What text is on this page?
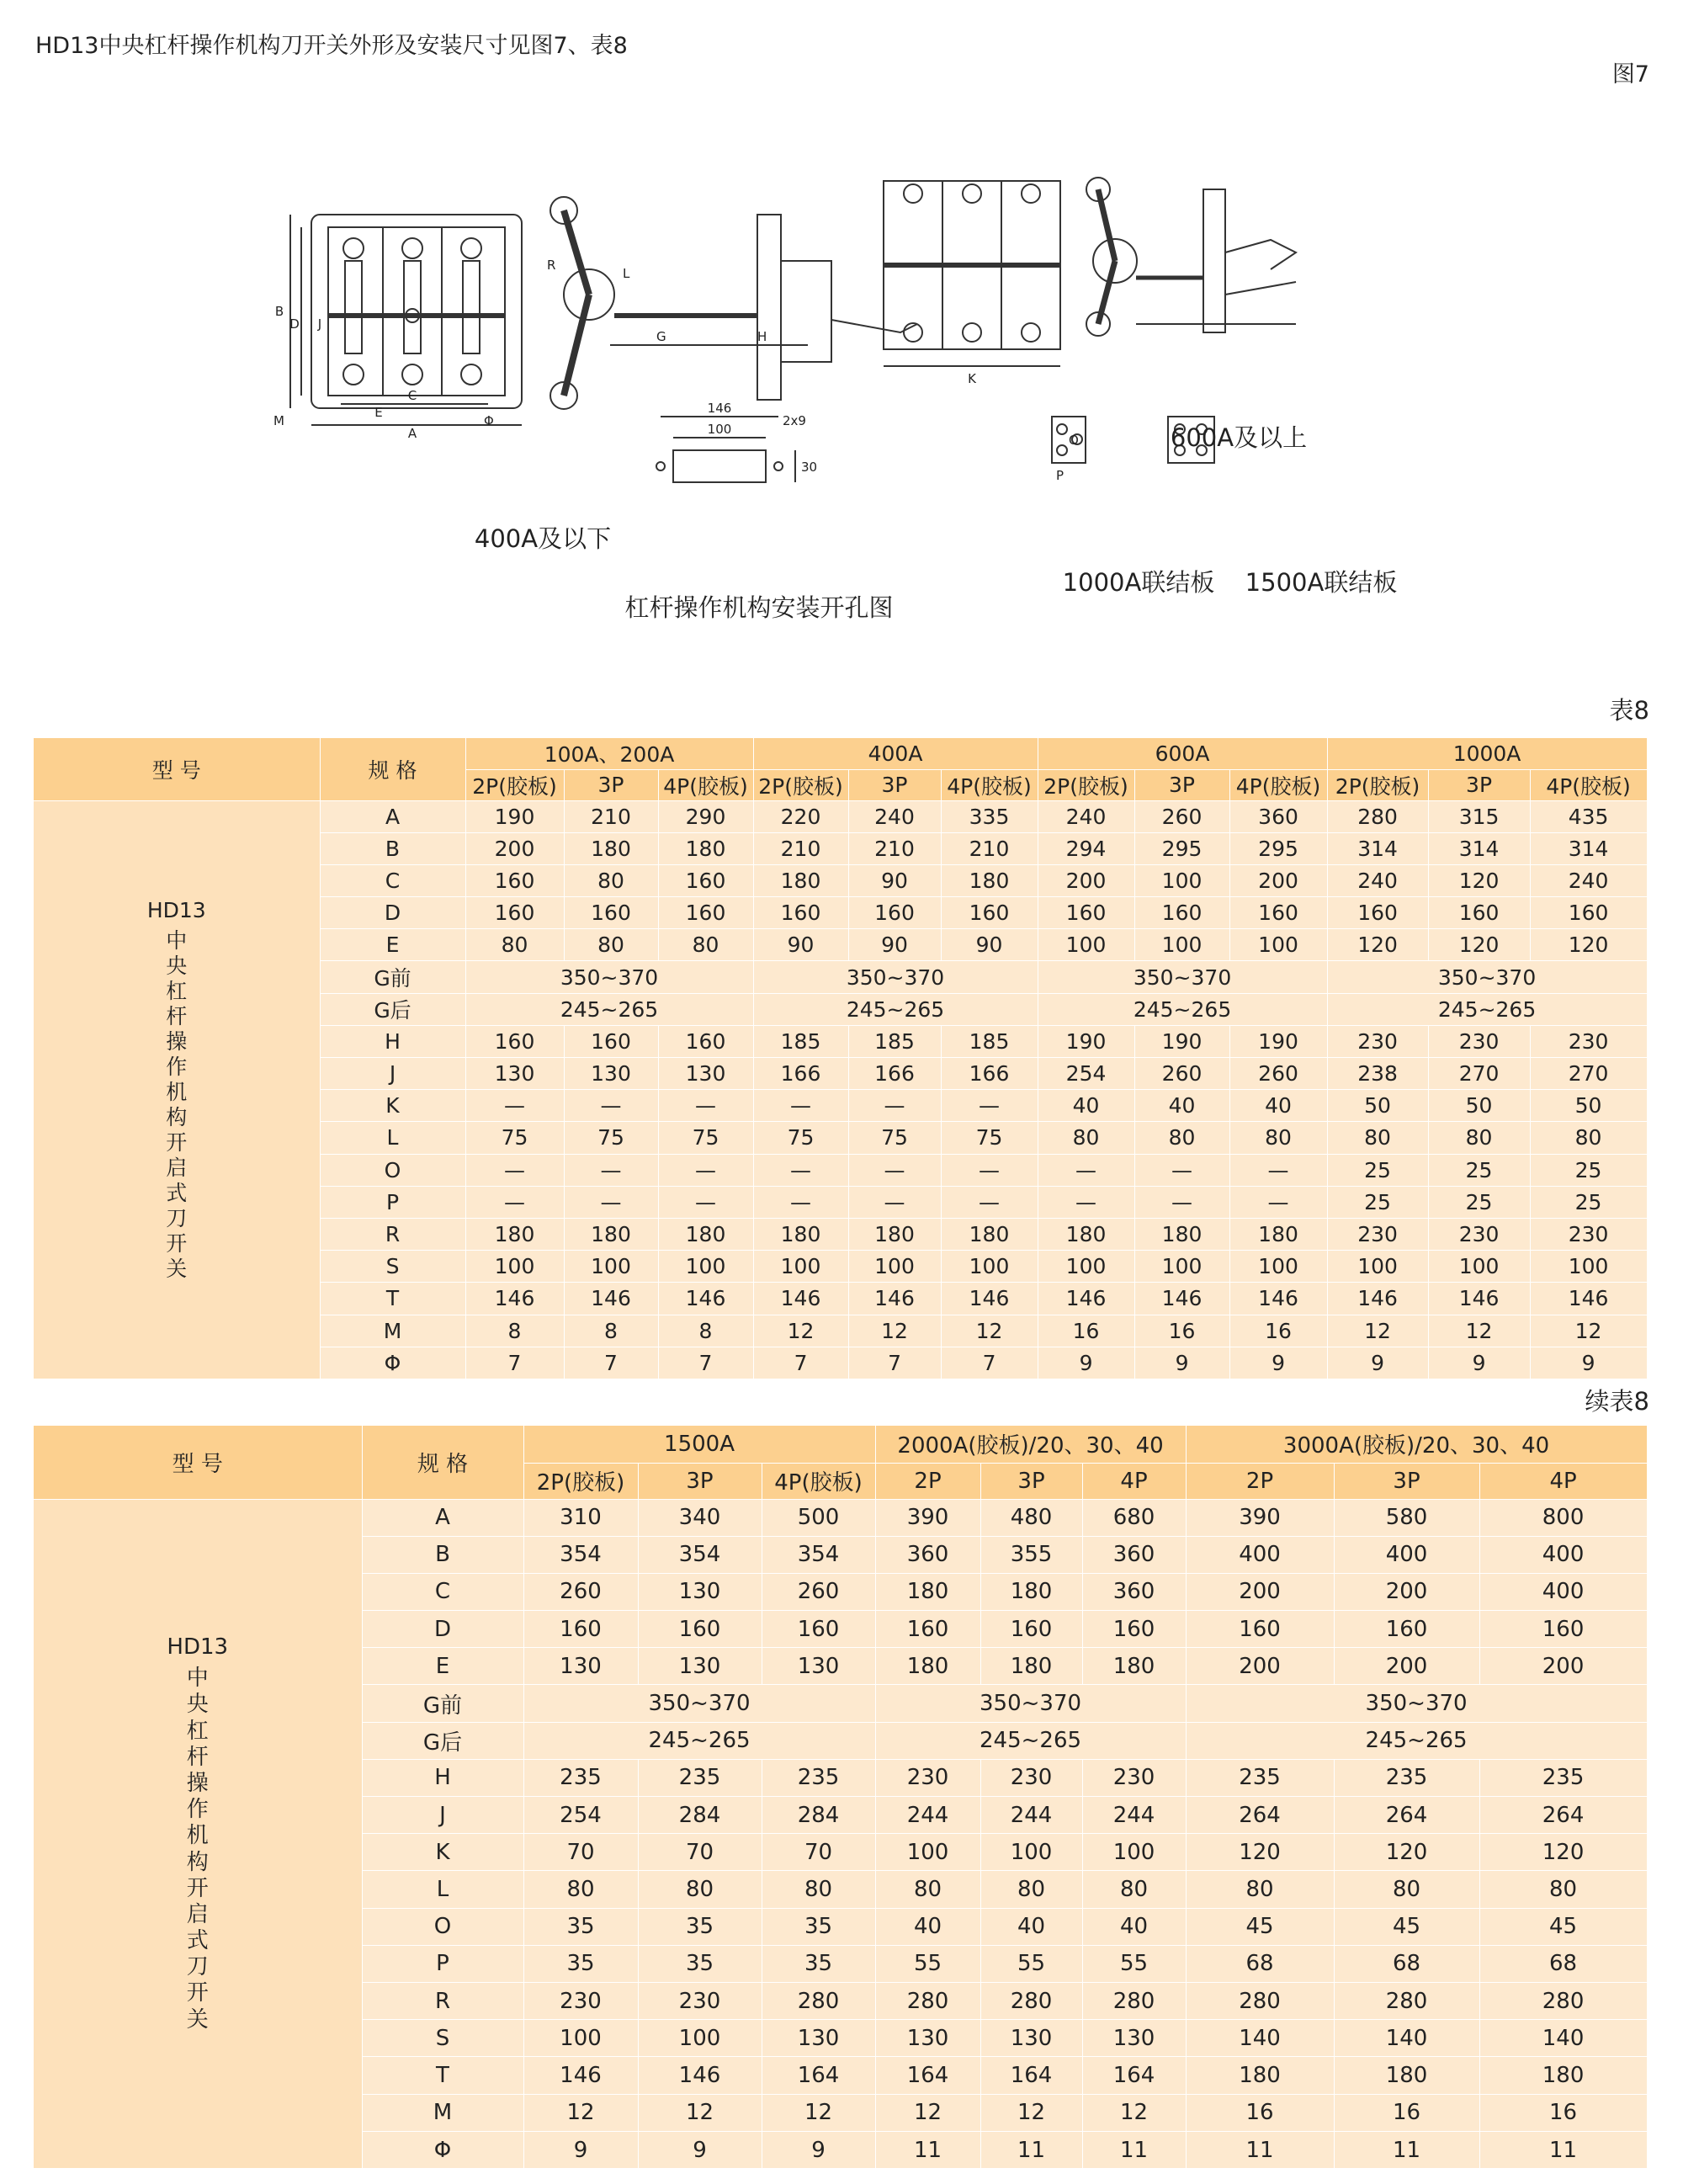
HD13中央杠杆操作机构刀开关外形及安装尺寸见图7、表8
图7
A
E
C
B
D J
M	Φ
R
L
G	H
K
O
P
146
100
2x9
30
400A及以下
600A及以上
杠杆操作机构安装开孔图
1000A联结板 1500A联结板
表8
型 号	规 格	100A、200A			400A			600A			1000A		
		2P(胶板)	3P	4P(胶板)	2P(胶板)	3P	4P(胶板)	2P(胶板)	3P	4P(胶板)	2P(胶板)	3P	4P(胶板)

HD13
中央杠杆操作机构开启式刀开关	A	190	210	290	220	240	335	240	260	360	280	315	435
	B	200	180	180	210	210	210	294	295	295	314	314	314
	C	160	80	160	180	90	180	200	100	200	240	120	240
	D	160	160	160	160	160	160	160	160	160	160	160	160
	E	80	80	80	90	90	90	100	100	100	120	120	120
	G前	350~370			350~370			350~370			350~370		
	G后	245~265			245~265			245~265			245~265		
	H	160	160	160	185	185	185	190	190	190	230	230	230
	J	130	130	130	166	166	166	254	260	260	238	270	270
	K	—	—	—	—	—	—	40	40	40	50	50	50
	L	75	75	75	75	75	75	80	80	80	80	80	80
	O	—	—	—	—	—	—	—	—	—	25	25	25
	P	—	—	—	—	—	—	—	—	—	25	25	25
	R	180	180	180	180	180	180	180	180	180	230	230	230
	S	100	100	100	100	100	100	100	100	100	100	100	100
	T	146	146	146	146	146	146	146	146	146	146	146	146
	M	8	8	8	12	12	12	16	16	16	12	12	12
	Φ	7	7	7	7	7	7	9	9	9	9	9	9
续表8
型 号	规 格	1500A			2000A(胶板)/20、30、40			3000A(胶板)/20、30、40		
		2P(胶板)	3P	4P(胶板)	2P	3P	4P	2P	3P	4P

HD13
中央杠杆操作机构开启式刀开关	A	310	340	500	390	480	680	390	580	800
	B	354	354	354	360	355	360	400	400	400
	C	260	130	260	180	180	360	200	200	400
	D	160	160	160	160	160	160	160	160	160
	E	130	130	130	180	180	180	200	200	200
	G前	350~370			350~370			350~370		
	G后	245~265			245~265			245~265		
	H	235	235	235	230	230	230	235	235	235
	J	254	284	284	244	244	244	264	264	264
	K	70	70	70	100	100	100	120	120	120
	L	80	80	80	80	80	80	80	80	80
	O	35	35	35	40	40	40	45	45	45
	P	35	35	35	55	55	55	68	68	68
	R	230	230	280	280	280	280	280	280	280
	S	100	100	130	130	130	130	140	140	140
	T	146	146	164	164	164	164	180	180	180
	M	12	12	12	12	12	12	16	16	16
	Φ	9	9	9	11	11	11	11	11	11
